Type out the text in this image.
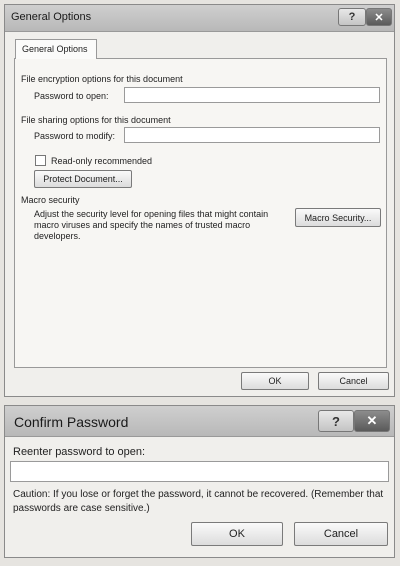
General Options	? ✕
General Options
File encryption options for this document
Password to open:
File sharing options for this document
Password to modify:
Read-only recommended
Protect Document...
Macro security
Adjust the security level for opening files that might contain macro viruses and specify the names of trusted macro developers.
Macro Security...
OK	Cancel
Confirm Password	? ✕
Reenter password to open:
Caution: If you lose or forget the password, it cannot be recovered. (Remember that passwords are case sensitive.)
OK	Cancel
